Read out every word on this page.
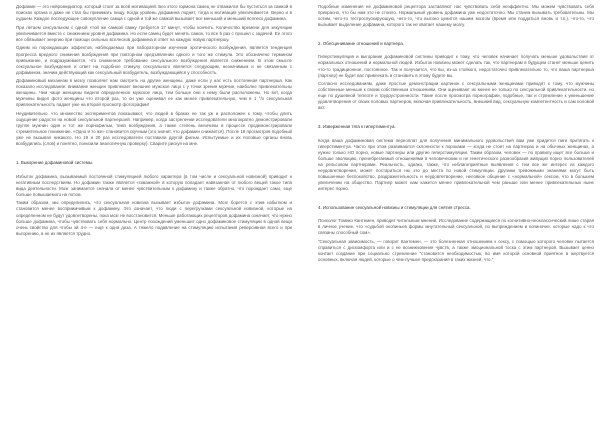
Дофамин — это нейромедиатор, который стоит за всей мотивацией. Без этого гормона самец не отважился бы пуститься за самкой в поисках органа и даже не стал бы принимать пищу. Когда уровень дофамина поднят, тогда и мотивация увеличивается. Верно и в худшем. Каждое последующее совокупление самца с одной и той же самкой вызывает все меньший и меньший всплеск дофамина.

При летаем сексуальном с одной ×той же самкой самку требуется 17 минут, чтобы кончить. Количество времени для эякуляции увеличивается вместе с снижением уровня дофамина. Но если самец будет менять самок, то все 5 раз с прошел с задачей. Ее этого все обязывает энергию при помощи сильных всплесков дофамина в ответ на каждую новую партнершу.

Одним из порождающих эффектов, наблюдаемых при лабораторном изучении эротического возбуждения, является тенденция прогресса вредного снижения возбуждения при повторном предъявлении одного и того же стимула. Это обозначено термином привыкание, и подразумевается, что сниженное требование сексуального возбуждения является снижением. В этом смысле сексуальное возбуждение и ответ на подобное стимулу сексуального является следующим, незначимым и не связанным с дофамином, значим действующий как сексуальный возбудитель, возбуждающийся у способность.

Дофаминовый механизм в мозгу позволяет нам смотреть на другие женщины, даже если у нас есть постоянная партнерша. Как показало исследование: внимание женщин привлекает внешнее мужское лицо с у точки зрения мужчин, наиболее привлекательны женщины. Чем чаще женщины видели определенное мужское лицо, тем больше они к нему были расположены. Но вот, когда мужчины видел фото женщины что второй раз, то он уже оценивал ее как менее привлекательную, чем в 1 °/о сексуальная привлекательность падает уже на второй просмотр фотографии!

Неудивительно, что множество экспериментов показывают, что людей в браках не так уж и расположен к тому, чтобы длить ощущение радости на новой сексуальной партнершей. Например, когда застрелении исследователи многократно демонстрировали группе мужчин один и тот же порнофильм, темп возбуждения, а также степень величины в процессе продемонстрировали стремительное понижение. «Одно и то же» становится скучным (это значит, что дофамин снижается). После 18 просмотров подобный уже не вызывал никакого. Но 19 и 20 раз исследователи поставили другой фильм. Испытуемые и их половые органы вновь возбудились (слов) и понятно, понизили аналогичную проверку). Сварите рискуя на мне.

1. Выкорение дофаминовой системы.

Избыток дофамина, вызываемый постоянной стимуляцией любого характера (в том числе и сексуальной новизной) приводит к негативным последствиям. Но дофамин также является «скважной» в которую попадает навязанная от любого вещей такое типа вида деятельности. Мозг занимается сначала от менее чувствительным к дофамину и также обратно, что порождает само, еще больше повышаемого на потом.

Таким образом, мы определились, что сексуальная новизна вызывает избыток дофамина. Мозг борется с этим избытком и становится менее восприимчивым к дофамину. Это означает, что люди с перегрузками сексуальной новизной, которые на определенном не будут удовлетворены, пока мозг не восстановится. Меньше работающих рецепторов дофамина означает, что нужно больше дофамина, чтобы чувствовать себя нормально. Центр похождений уменьшит одно дофаминовое стимуляции в одной вещи очень свойство для чтобы эй 4-е — ещё к одна доза. А тяжело подавление на стимуляцию испытания реверсивная всего и при выгорению, а не их является трудно.

Подобные изменения не дофаминовой рецептора заставляют нас чувствовать себя неэффектно. Мы можем чувствовать себя прекрасно, что бы нам это не стоило. Нормальный уровень дофамина уже недостаточно. Мы станем вызывать требовательны. Мы хотим, чего-то тестроспускирующую, чего-то, что высоко ценится нашим мозгом (время или поддаться вновь и т.п.), что-то, что вызывает выделение дофамина, которого так не хватает нашему мозгу.

2. Обесценивание отношений и партнера.

Гиперстимуляция и выгорание дофаминовой системы приводит к тому, что человек начинает получать меньше удовольствия от нормальных отношений и нормальной людей. Избыток новизны может сделать так, что партнерам в будущем станет меньше ценить что-то традиционное, постоянное. Так и получается, что вы, из-за стойкого, недостаточно привлекательно то, что ваша партнерша (партнер) не будет вас привлекать и становить в этому будете вы.

Согласно исследованиям, даже простые демонстрации картинок с сексуальными женщинами приводят к тому, что мужчины собственные меньше к своим собственным отношениям. Они оценивают их менее не только по сексуальной привлекательности, но еще по душевной теплоте и трудоустроенности. Такие после просмотра порнографии, подобные, так и стремление к уменьшение удовлетворения от своих половых партнеров, включая привлекательность, внешний вид, сексуальную компетентность и сам половой акт.

3. Изверженная тяга к гипертиментуа.

Когда ваша дофаминовая система переоплат для получения минимального удовольствия вам уже придется пиги притягать к гиперстиментуа. Часто при этом развиваются склонности к пороками — когда не стоит на партнерах и на обычных женщинах, а нужно только НО порно, новые партнеры или другие гиперстимуляции. Таким образом, человек — по правилу ищет все больше и больше эволюцию, пренебрегаемый отношениями в человеческим и не генетического разнообразия живущих порно пользователей на рельсовом партнерами. Реальность, однако, также, что неблагоприятные выявления с тем все же интерес из каждого неудовлетворения, может постараться ню это до места по новой стимуляции. Другими тревожными знаниями могут быть повышенные беспокойство, раздражительность и неудовлетворение, неловкое общение с «нормальной» сексом, что в большем увеличении на общество. Партнер может нам кажется менее привлекательной чем раньше или менее привлекательных ныне интерес порно.

4. Использование сексуальной новизны и стимуляции для снятия стресса.

Психолог Томико Кантемен, приводит читальным мнений. Исследование содержащиеся по когнитивно-неоклассический лише старая в личное учение, что «судьбой окопиньев формы мнутательный сексуальной, по выпреждением и копиночке, которые надо к что связаны способный сом».

"Сексуальная зависимость, — говорит Кантемен, — это болезненная отношением к сексу, с помощью которого человек пытается справиться с дискомфорта или и с не возникновения чувств, а также эмоциональной тоска с этим партнерой. Вызывает ценно контакт создание при социально стремление "становится необходимостью, во имя которой основной приятное в жертвуется основных, включая людей, которые о чем-лучшее предсказания в таких жизней, что."
